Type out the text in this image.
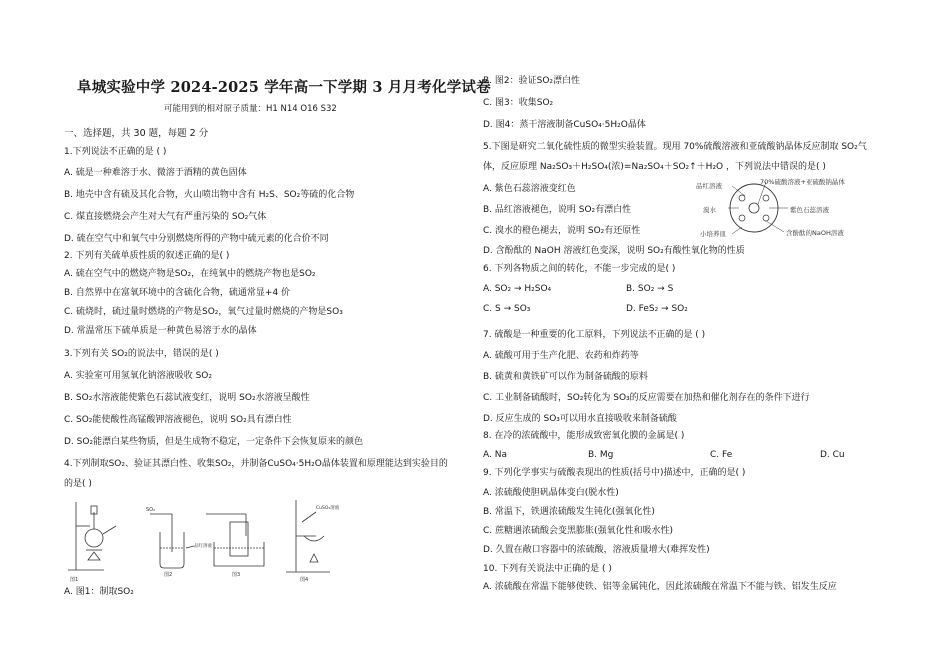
阜城实验中学 2024-2025 学年高一下学期 3 月月考化学试卷
可能用到的相对原子质量：H1 N14 O16 S32
一、选择题，共 30 题，每题 2 分
1.下列说法不正确的是 ( )
A. 硫是一种难溶于水、微溶于酒精的黄色固体
B. 地壳中含有硫及其化合物，火山喷出物中含有 H₂S、SO₂等硫的化合物
C. 煤直接燃烧会产生对大气有严重污染的 SO₂气体
D. 硫在空气中和氧气中分别燃烧所得的产物中硫元素的化合价不同
2. 下列有关硫单质性质的叙述正确的是( )
A. 硫在空气中的燃烧产物是SO₂，在纯氧中的燃烧产物也是SO₂
B. 自然界中在富氧环境中的含硫化合物，硫通常显+4 价
C. 硫烧时，硫过量时燃烧的产物是SO₂，氧气过量时燃烧的产物是SO₃
D. 常温常压下硫单质是一种黄色易溶于水的晶体
3.下列有关 SO₂的说法中，错误的是( )
A. 实验室可用氢氧化钠溶液吸收 SO₂
B. SO₂水溶液能使紫色石蕊试液变红，说明 SO₂水溶液呈酸性
C. SO₂能使酸性高锰酸钾溶液褪色，说明 SO₂具有漂白性
D. SO₂能漂白某些物质，但是生成物不稳定，一定条件下会恢复原来的颜色
4.下列制取SO₂、验证其漂白性、收集SO₂，并制备CuSO₄·5H₂O晶体装置和原理能达到实验目的
的是( )
图1
SO₂
品红溶液
图2	图3
CuSO₄溶液
图4
A. 图1：制取SO₂
B. 图2：验证SO₂漂白性
C. 图3：收集SO₂
D. 图4：蒸干溶液制备CuSO₄·5H₂O晶体
5.下图是研究二氧化硫性质的微型实验装置。现用 70%硫酸溶液和亚硫酸钠晶体反应制取 SO₂气
体，反应原理 Na₂SO₃＋H₂SO₄(浓)=Na₂SO₄＋SO₂↑＋H₂O ，下列说法中错误的是( )
A. 紫色石蕊溶液变红色
B. 品红溶液褪色，说明 SO₂有漂白性
C. 溴水的橙色褪去，说明 SO₂有还原性
D. 含酚酞的 NaOH 溶液红色变深，说明 SO₂有酸性氧化物的性质
品红溶液	70%硫酸溶液+亚硫酸钠晶体
溴水	紫色石蕊溶液
小培养皿	含酚酞的NaOH溶液
6. 下列各物质之间的转化，不能一步完成的是( )
A. SO₂ → H₂SO₄	B. SO₂ → S
C. S → SO₃	D. FeS₂ → SO₂
7. 硫酸是一种重要的化工原料，下列说法不正确的是 ( )
A. 硫酸可用于生产化肥、农药和炸药等
B. 硫黄和黄铁矿可以作为制备硫酸的原料
C. 工业制备硫酸时，SO₂转化为 SO₃的反应需要在加热和催化剂存在的条件下进行
D. 反应生成的 SO₃可以用水直接吸收来制备硫酸
8. 在冷的浓硫酸中，能形成致密氧化膜的金属是( )
A. Na	B. Mg	C. Fe	D. Cu
9. 下列化学事实与硫酸表现出的性质(括号中)描述中，正确的是( )
A. 浓硫酸使胆矾晶体变白(脱水性)
B. 常温下，铁遇浓硫酸发生钝化(强氧化性)
C. 蔗糖遇浓硫酸会变黑膨胀(强氧化性和吸水性)
D. 久置在敞口容器中的浓硫酸，溶液质量增大(难挥发性)
10. 下列有关说法中正确的是 ( )
A. 浓硫酸在常温下能够使铁、铝等金属钝化，因此浓硫酸在常温下不能与铁、铝发生反应
